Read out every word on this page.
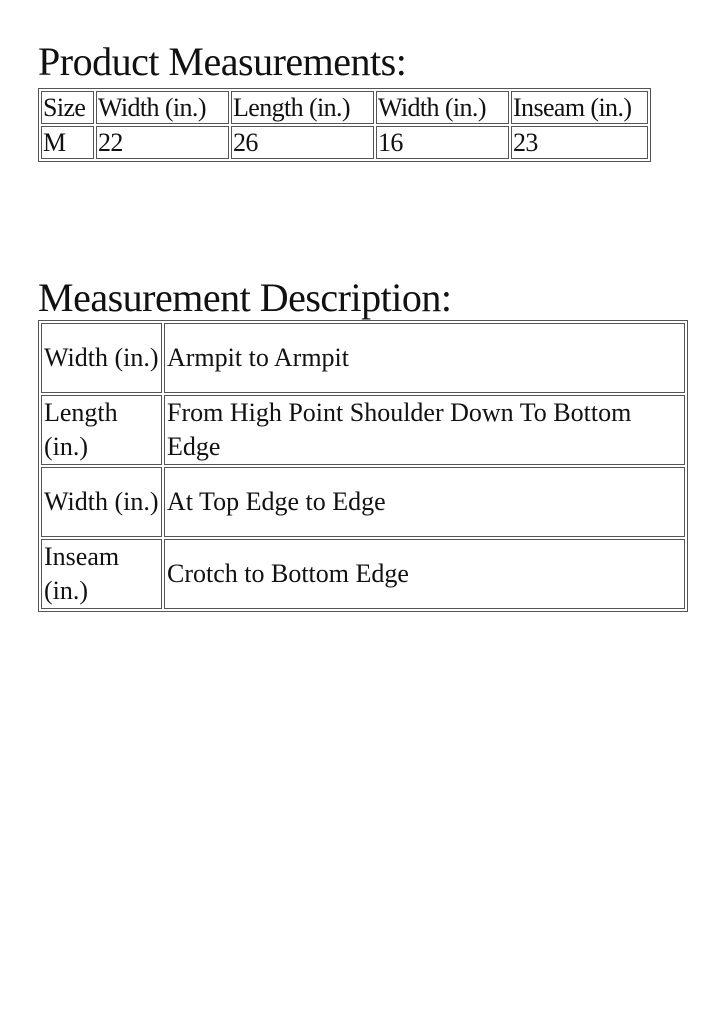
Product Measurements:
Size	Width (in.)	Length (in.)	Width (in.)	Inseam (in.)
M	22	26	16	23
Measurement Description:
Width (in.)	Armpit to Armpit
Length (in.)	From High Point Shoulder Down To Bottom Edge
Width (in.)	At Top Edge to Edge
Inseam (in.)	Crotch to Bottom Edge
